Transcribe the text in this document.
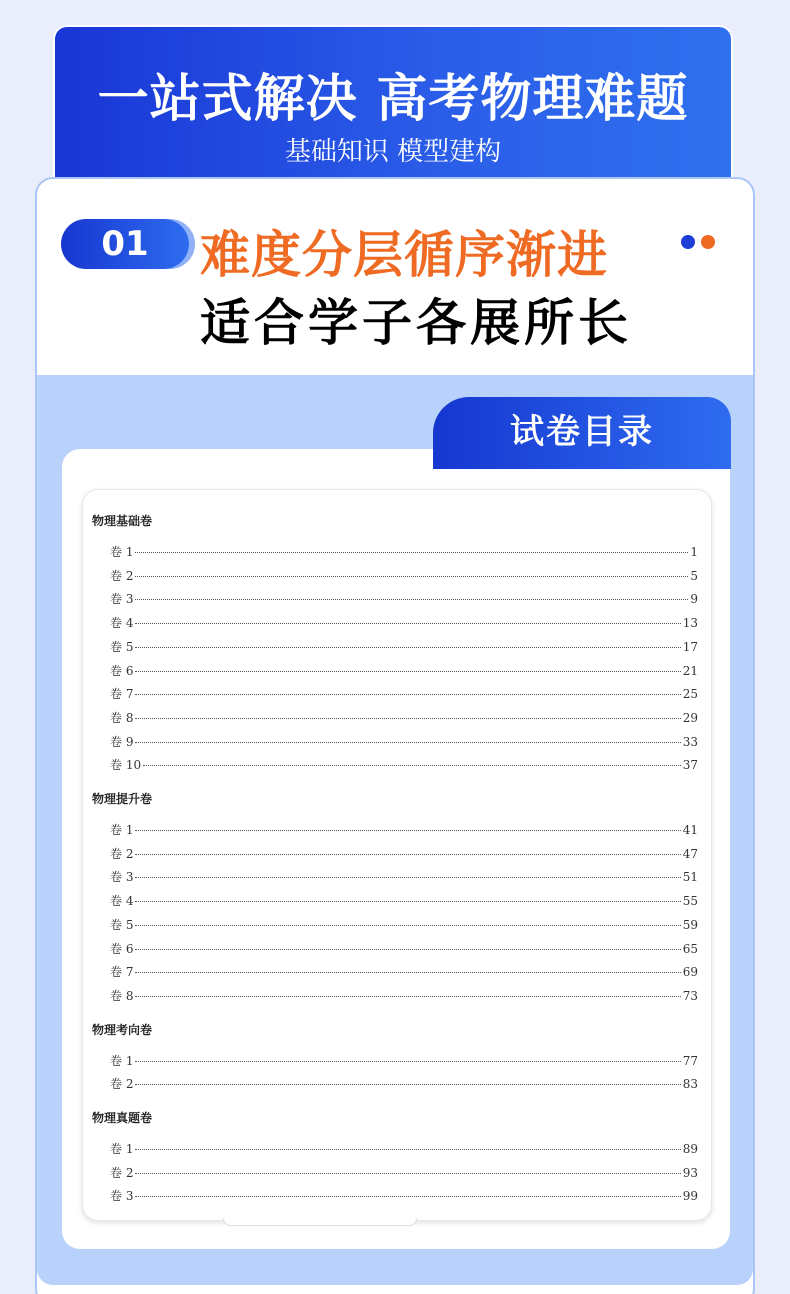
一站式解决 高考物理难题
基础知识 模型建构
01	难度分层循序渐进
适合学子各展所长
物理基础卷
卷 1	1
卷 2	5
卷 3	9
卷 4	13
卷 5	17
卷 6	21
卷 7	25
卷 8	29
卷 9	33
卷 10	37
物理提升卷
卷 1	41
卷 2	47
卷 3	51
卷 4	55
卷 5	59
卷 6	65
卷 7	69
卷 8	73
物理考向卷
卷 1	77
卷 2	83
物理真题卷
卷 1	89
卷 2	93
卷 3	99
试卷目录
